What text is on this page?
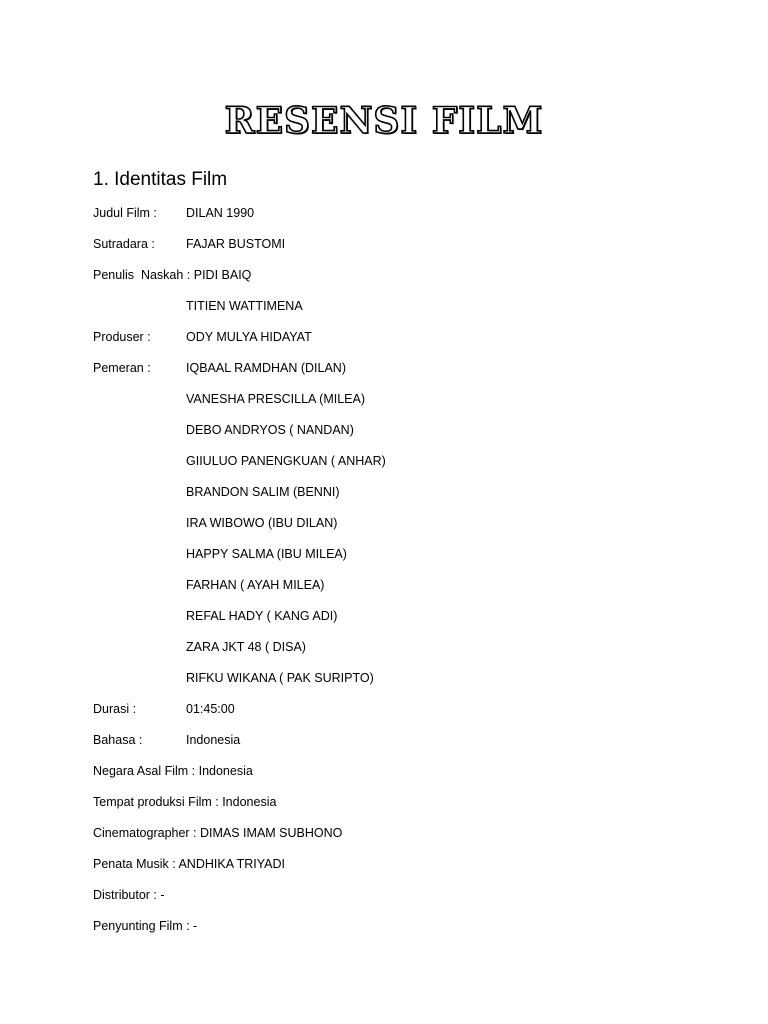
RESENSI FILM
1. Identitas Film
Judul Film : DILAN 1990
Sutradara : FAJAR BUSTOMI
Penulis  Naskah : PIDI BAIQ
TITIEN WATTIMENA
Produser :	ODY MULYA HIDAYAT
Pemeran :	IQBAAL RAMDHAN (DILAN)
VANESHA PRESCILLA (MILEA)
DEBO ANDRYOS ( NANDAN)
GIIULUO PANENGKUAN ( ANHAR)
BRANDON SALIM (BENNI)
IRA WIBOWO (IBU DILAN)
HAPPY SALMA (IBU MILEA)
FARHAN ( AYAH MILEA)
REFAL HADY ( KANG ADI)
ZARA JKT 48 ( DISA)
RIFKU WIKANA ( PAK SURIPTO)
Durasi :	01:45:00
Bahasa :	Indonesia
Negara Asal Film : Indonesia
Tempat produksi Film : Indonesia
Cinematographer : DIMAS IMAM SUBHONO
Penata Musik : ANDHIKA TRIYADI
Distributor : -
Penyunting Film : -
